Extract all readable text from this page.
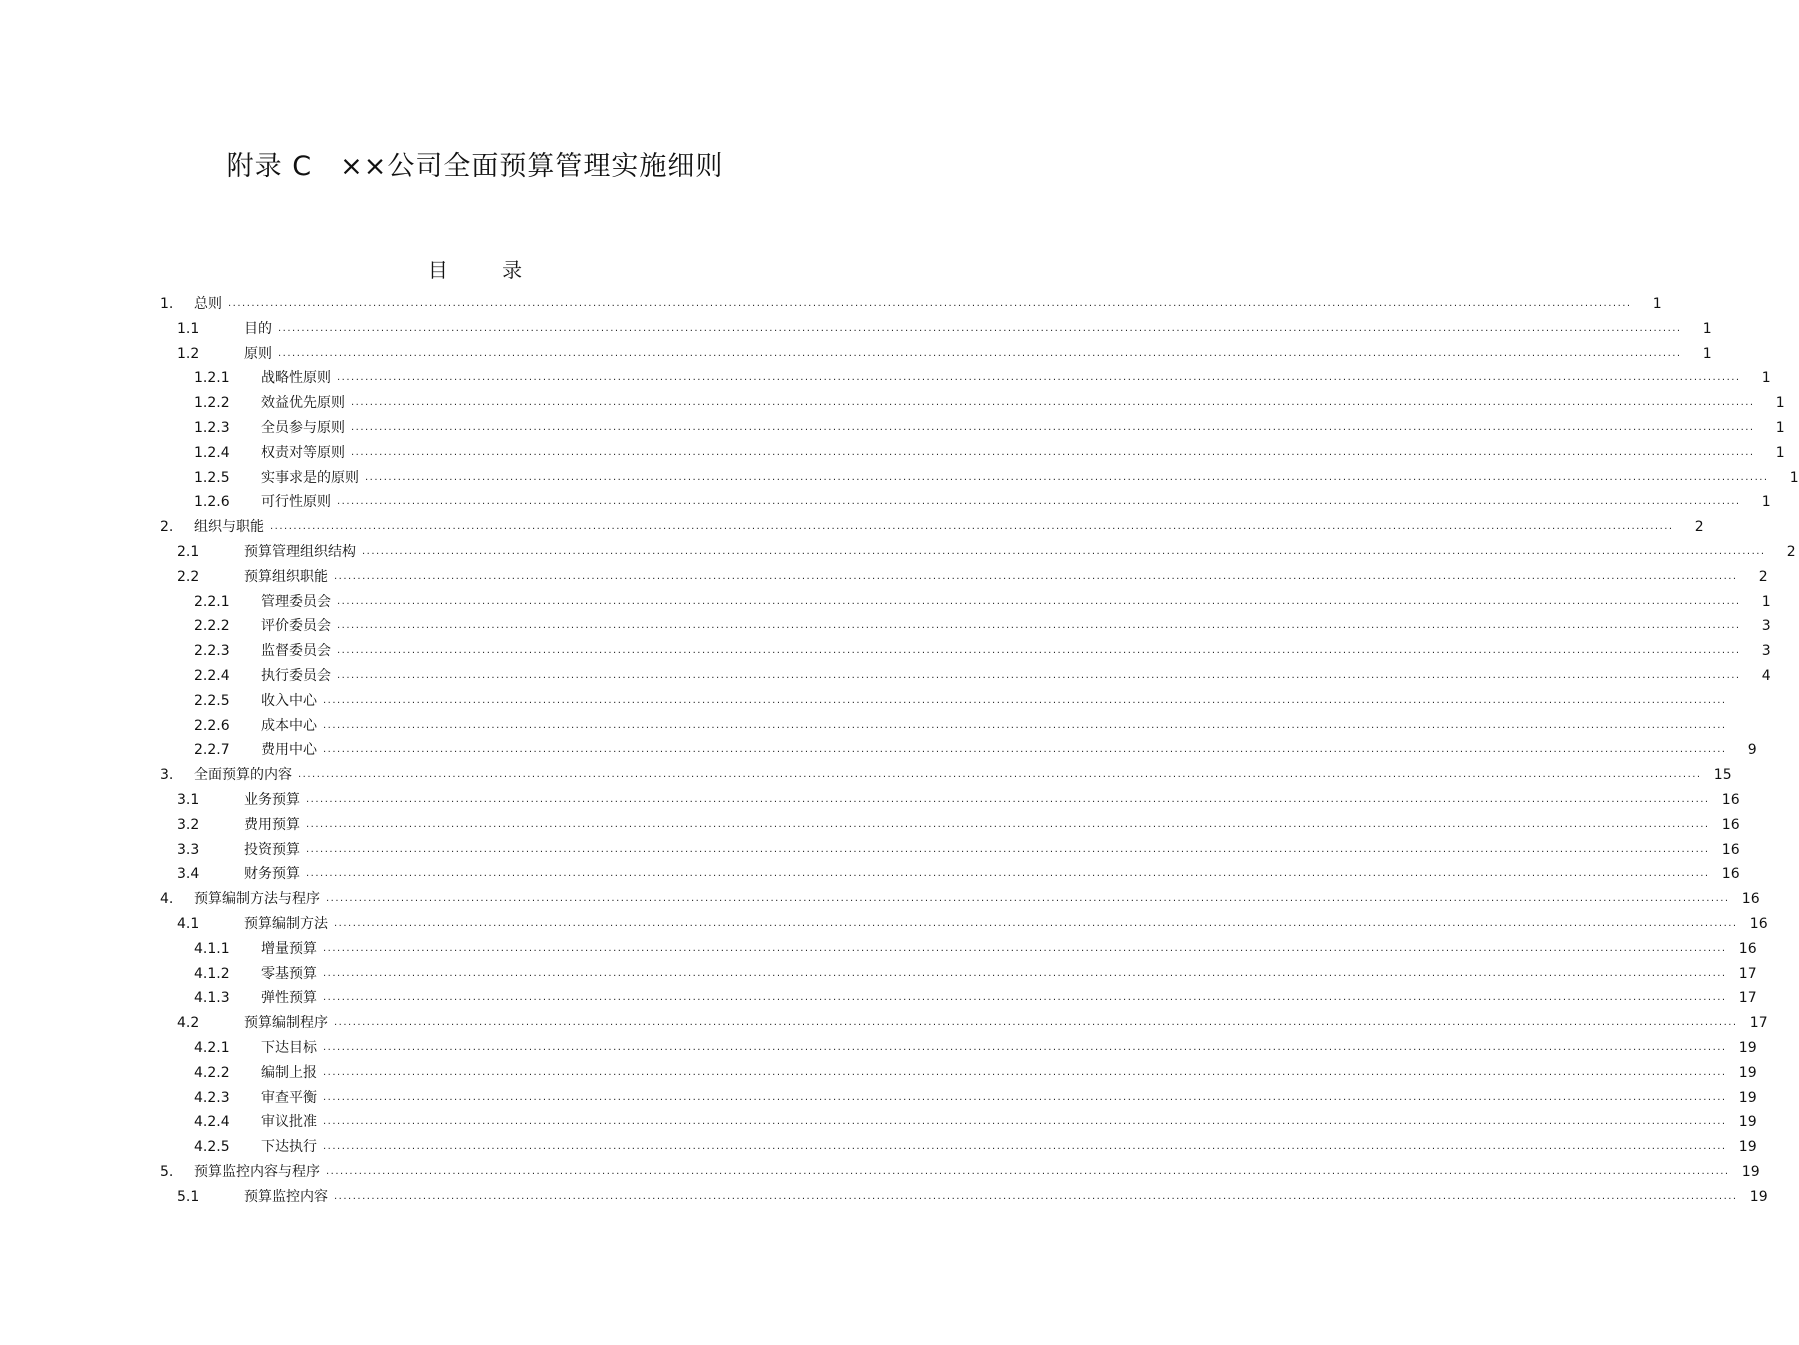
附录 C　××公司全面预算管理实施细则
目 录
1.	总则 ............................................................................................................................................................................................................................................................................................................	1
1.1	目的 ............................................................................................................................................................................................................................................................................................................	1
1.2	原则 ............................................................................................................................................................................................................................................................................................................	1
1.2.1	战略性原则 ............................................................................................................................................................................................................................................................................................................	1
1.2.2	效益优先原则 ............................................................................................................................................................................................................................................................................................................	1
1.2.3	全员参与原则 ............................................................................................................................................................................................................................................................................................................	1
1.2.4	权责对等原则 ............................................................................................................................................................................................................................................................................................................	1
1.2.5	实事求是的原则 ............................................................................................................................................................................................................................................................................................................	1
1.2.6	可行性原则 ............................................................................................................................................................................................................................................................................................................	1
2.	组织与职能 ............................................................................................................................................................................................................................................................................................................	2
2.1	预算管理组织结构 ............................................................................................................................................................................................................................................................................................................	2
2.2	预算组织职能 ............................................................................................................................................................................................................................................................................................................	2
2.2.1	管理委员会 ............................................................................................................................................................................................................................................................................................................	1
2.2.2	评价委员会 ............................................................................................................................................................................................................................................................................................................	3
2.2.3	监督委员会 ............................................................................................................................................................................................................................................................................................................	3
2.2.4	执行委员会 ............................................................................................................................................................................................................................................................................................................	4
2.2.5	收入中心 ............................................................................................................................................................................................................................................................................................................
2.2.6	成本中心 ............................................................................................................................................................................................................................................................................................................
2.2.7	费用中心 ............................................................................................................................................................................................................................................................................................................	9
3.	全面预算的内容 ............................................................................................................................................................................................................................................................................................................ 15
3.1	业务预算 ............................................................................................................................................................................................................................................................................................................ 16
3.2	费用预算 ............................................................................................................................................................................................................................................................................................................ 16
3.3	投资预算 ............................................................................................................................................................................................................................................................................................................ 16
3.4	财务预算 ............................................................................................................................................................................................................................................................................................................ 16
4.	预算编制方法与程序 ............................................................................................................................................................................................................................................................................................................ 16
4.1	预算编制方法 ............................................................................................................................................................................................................................................................................................................ 16
4.1.1	增量预算 ............................................................................................................................................................................................................................................................................................................ 16
4.1.2	零基预算 ............................................................................................................................................................................................................................................................................................................ 17
4.1.3	弹性预算 ............................................................................................................................................................................................................................................................................................................ 17
4.2	预算编制程序 ............................................................................................................................................................................................................................................................................................................ 17
4.2.1	下达目标 ............................................................................................................................................................................................................................................................................................................ 19
4.2.2	编制上报 ............................................................................................................................................................................................................................................................................................................ 19
4.2.3	审查平衡 ............................................................................................................................................................................................................................................................................................................ 19
4.2.4	审议批准 ............................................................................................................................................................................................................................................................................................................ 19
4.2.5	下达执行 ............................................................................................................................................................................................................................................................................................................ 19
5.	预算监控内容与程序 ............................................................................................................................................................................................................................................................................................................ 19
5.1	预算监控内容 ............................................................................................................................................................................................................................................................................................................ 19
